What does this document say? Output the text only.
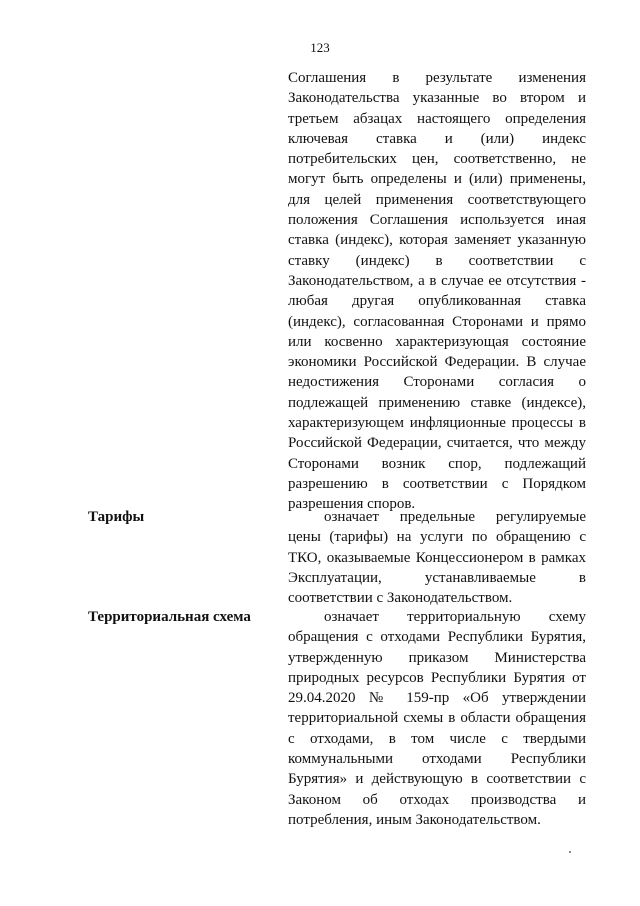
123
Соглашения в результате изменения Законодательства указанные во втором и третьем абзацах настоящего определения ключевая ставка и (или) индекс потребительских цен, соответственно, не могут быть определены и (или) применены, для целей применения соответствующего положения Соглашения используется иная ставка (индекс), которая заменяет указанную ставку (индекс) в соответствии с Законодательством, а в случае ее отсутствия - любая другая опубликованная ставка (индекс), согласованная Сторонами и прямо или косвенно характеризующая состояние экономики Российской Федерации. В случае недостижения Сторонами согласия о подлежащей применению ставке (индексе), характеризующем инфляционные процессы в Российской Федерации, считается, что между Сторонами возник спор, подлежащий разрешению в соответствии с Порядком разрешения споров.
Тарифы	означает предельные регулируемые цены (тарифы) на услуги по обращению с ТКО, оказываемые Концессионером в рамках Эксплуатации, устанавливаемые в соответствии с Законодательством.
Территориальная схема	означает территориальную схему обращения с отходами Республики Бурятия, утвержденную приказом Министерства природных ресурсов Республики Бурятия от 29.04.2020 № 159-пр «Об утверждении территориальной схемы в области обращения с отходами, в том числе с твердыми коммунальными отходами Республики Бурятия» и действующую в соответствии с Законом об отходах производства и потребления, иным Законодательством.
